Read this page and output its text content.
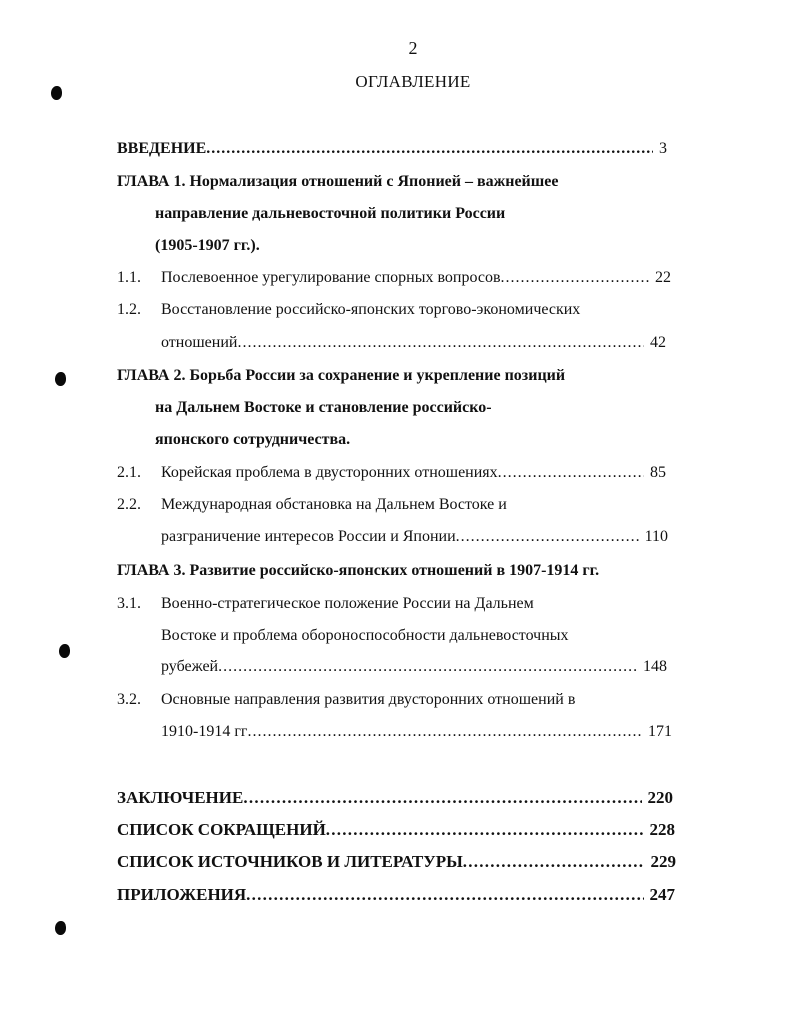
2
ОГЛАВЛЕНИЕ
ВВЕДЕНИЕ . . .	3
ГЛАВА 1. Нормализация отношений с Японией – важнейшее
направление дальневосточной политики России
(1905-1907 гг.).
1.1. Послевоенное урегулирование спорных вопросов . . .	22
1.2. Восстановление российско-японских торгово-экономических
отношений . . .	42
ГЛАВА 2. Борьба России за сохранение и укрепление позиций
на Дальнем Востоке и становление российско-
японского сотрудничества.
2.1. Корейская проблема в двусторонних отношениях . . .	85
2.2. Международная обстановка на Дальнем Востоке и
разграничение интересов России и Японии . . .	110
ГЛАВА 3. Развитие российско-японских отношений в 1907-1914 гг.
3.1. Военно-стратегическое положение России на Дальнем
Востоке и проблема обороноспособности дальневосточных
рубежей . . .	148
3.2. Основные направления развития двусторонних отношений в
1910-1914 гг . . .	171
ЗАКЛЮЧЕНИЕ . . .	220
СПИСОК СОКРАЩЕНИЙ . . .	228
СПИСОК ИСТОЧНИКОВ И ЛИТЕРАТУРЫ . . .	229
ПРИЛОЖЕНИЯ . . .	247
